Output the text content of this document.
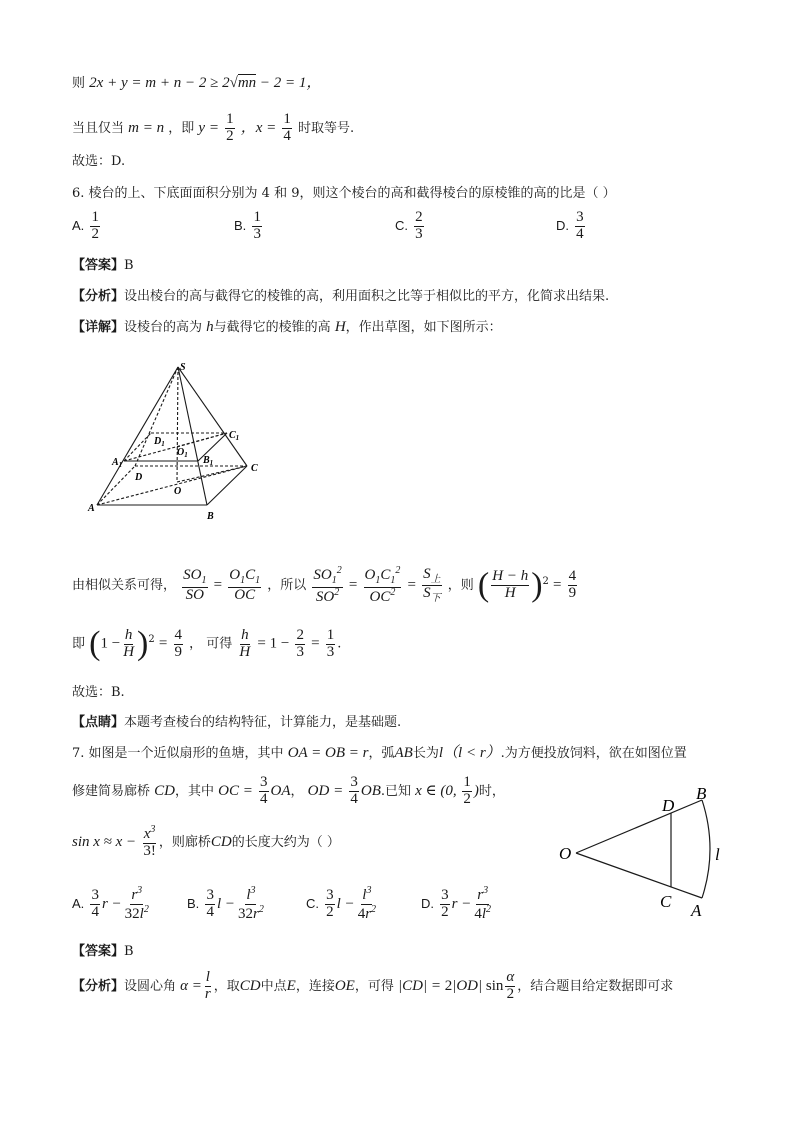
则 2x + y = m + n − 2 ≥ 2√mn − 2 = 1，
当且仅当 m = n ，即 $y = \frac{1}{2}$ ，$x = \frac{1}{4}$ 时取等号.
故选：D.
6. 棱台的上、下底面面积分别为 4 和 9，则这个棱台的高和截得棱台的原棱锥的高的比是（ ）
A. $\frac{1}{2}$	B. $\frac{1}{3}$	C. $\frac{2}{3}$	D. $\frac{3}{4}$
【答案】B
【分析】设出棱台的高与截得它的棱锥的高，利用面积之比等于相似比的平方，化简求出结果.
【详解】设棱台的高为 h与截得它的棱锥的高 H，作出草图，如下图所示：
S
$C_1$
$D_1$
$O_1$ $B_1$
$A_1$	C
D
O
A
B
由相似关系可得， $\frac{SO_1}{SO} = \frac{O_1C_1}{OC}$ ，所以 $\frac{SO_1^2}{SO^2} = \frac{O_1C_1^2}{OC^2} = \frac{S_上}{S_下}$ ，则 ( $\frac{H - h}{H} )^2 = \frac{4}{9}$
即 $(1 - \frac{h}{H} )^2 = \frac{4}{9}$ ， 可得 $\frac{h}{H} = 1 - \frac{2}{3} = \frac{1}{3}$ .
故选：B.
【点睛】本题考查棱台的结构特征，计算能力，是基础题.
7. 如图是一个近似扇形的鱼塘，其中 OA = OB = r，弧AB长为l（l < r）.为方便投放饲料，欲在如图位置
修建简易廊桥 CD，其中 OC = $\frac{3}{4}$ OA， OD = $\frac{3}{4}$ OB.已知 x ∈ (0, $\frac{1}{2}$ )时，
$\sin x \approx x - \frac{x^3}{3!}$ ，则廊桥CD的长度大约为（ ）
O
D
B
l
C A
A. $\frac{3}{4}$ $r - \frac{r^3}{32l^2}$	B. $\frac{3}{4}$ $l - \frac{l^3}{32r^2}$	C. $\frac{3}{2}$ $l - \frac{l^3}{4r^2}$	D. $\frac{3}{2}$ $r - \frac{r^3}{4l^2}$
【答案】B
【分析】设圆心角 $\alpha = \frac{l}{r}$ ，取CD中点E，连接OE，可得 |CD| = 2|OD| $\sin \frac{\alpha}{2}$ ，结合题目给定数据即可求
